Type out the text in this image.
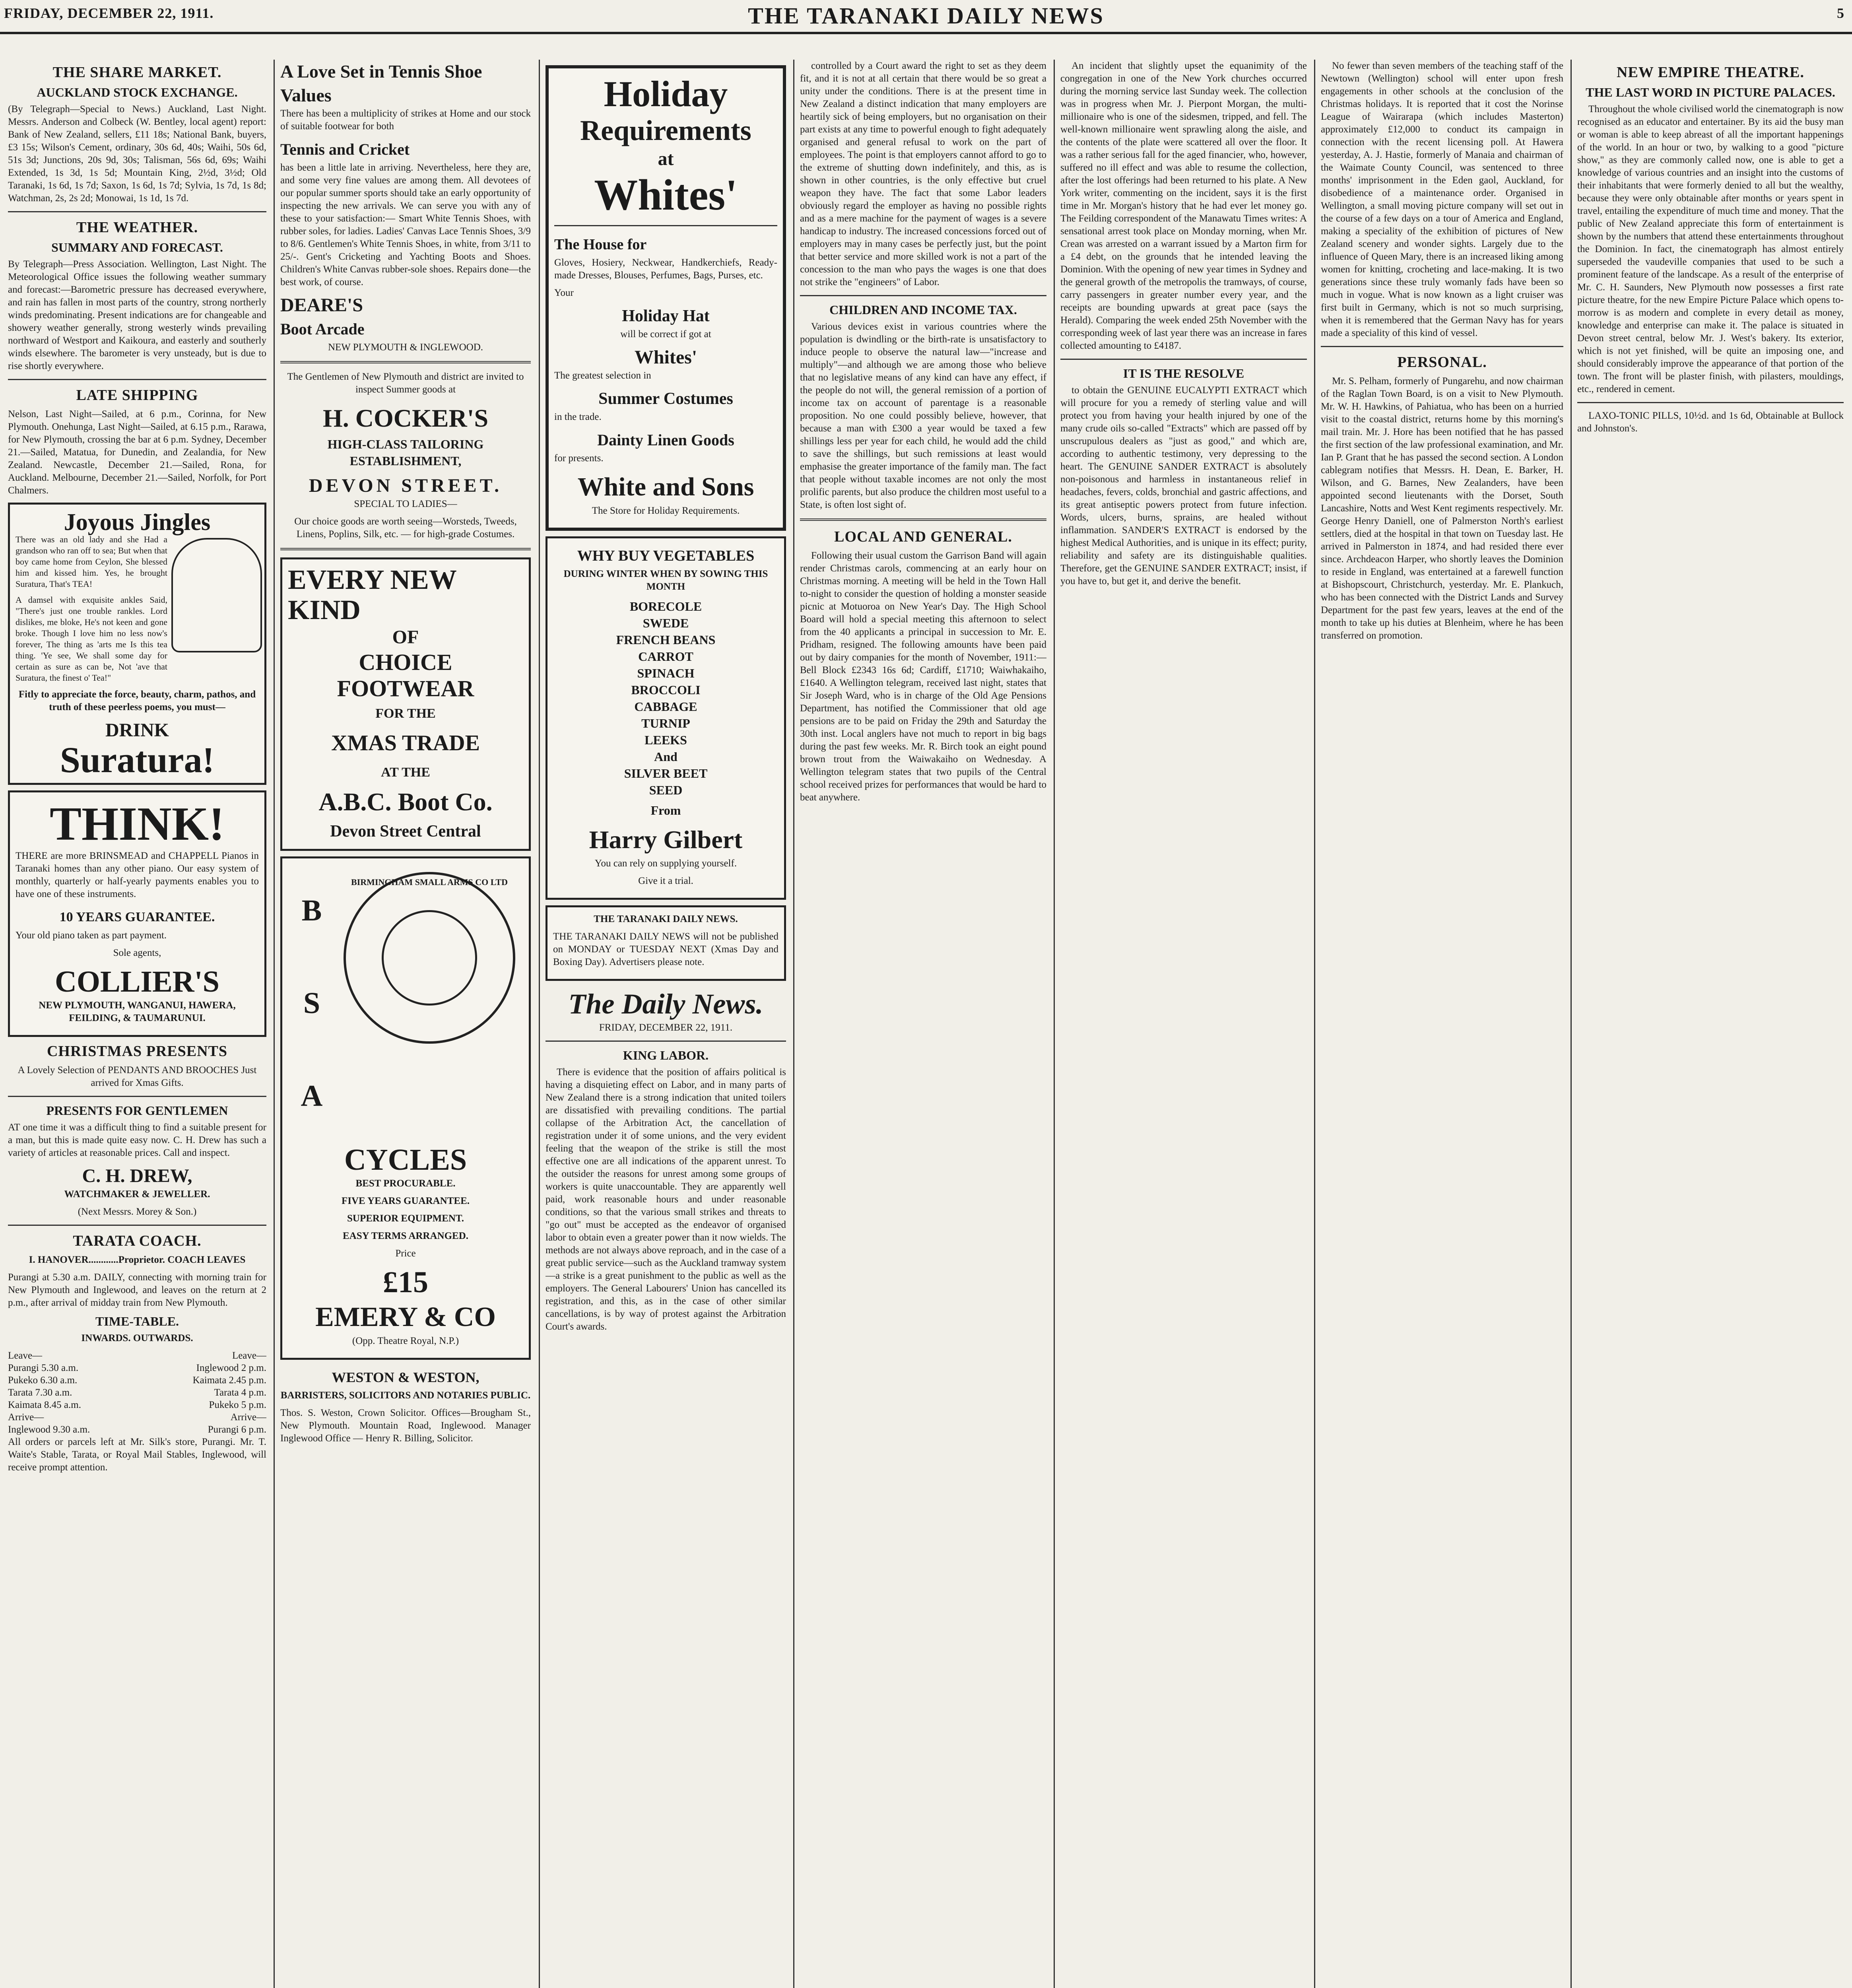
FRIDAY, DECEMBER 22, 1911.	THE TARANAKI DAILY NEWS	5
THE SHARE MARKET.
AUCKLAND STOCK EXCHANGE.

(By Telegraph—Special to News.) Auckland, Last Night. Messrs. Anderson and Colbeck (W. Bentley, local agent) report: Bank of New Zealand, sellers, £11 18s; National Bank, buyers, £3 15s; Wilson's Cement, ordinary, 30s 6d, 40s; Waihi, 50s 6d, 51s 3d; Junctions, 20s 9d, 30s; Talisman, 56s 6d, 69s; Waihi Extended, 1s 3d, 1s 5d; Mountain King, 2½d, 3½d; Old Taranaki, 1s 6d, 1s 7d; Saxon, 1s 6d, 1s 7d; Sylvia, 1s 7d, 1s 8d; Watchman, 2s, 2s 2d; Monowai, 1s 1d, 1s 7d.

THE WEATHER.
SUMMARY AND FORECAST.

By Telegraph—Press Association. Wellington, Last Night. The Meteorological Office issues the following weather summary and forecast:—Barometric pressure has decreased everywhere, and rain has fallen in most parts of the country, strong northerly winds predominating. Present indications are for changeable and showery weather generally, strong westerly winds prevailing northward of Westport and Kaikoura, and easterly and southerly winds elsewhere. The barometer is very unsteady, but is due to rise shortly everywhere.

LATE SHIPPING

Nelson, Last Night—Sailed, at 6 p.m., Corinna, for New Plymouth. Onehunga, Last Night—Sailed, at 6.15 p.m., Rarawa, for New Plymouth, crossing the bar at 6 p.m. Sydney, December 21.—Sailed, Matatua, for Dunedin, and Zealandia, for New Zealand. Newcastle, December 21.—Sailed, Rona, for Auckland. Melbourne, December 21.—Sailed, Norfolk, for Port Chalmers.

Joyous Jingles

There was an old lady and she Had a grandson who ran off to sea; But when that boy came home from Ceylon, She blessed him and kissed him. Yes, he brought Suratura, That's TEA!

A damsel with exquisite ankles Said, "There's just one trouble rankles. Lord dislikes, me bloke, He's not keen and gone broke. Though I love him no less now's forever, The thing as 'arts me Is this tea thing. 'Ye see, We shall some day for certain as sure as can be, Not 'ave that Suratura, the finest o' Tea!"

Fitly to appreciate the force, beauty, charm, pathos, and truth of these peerless poems, you must—

DRINK
Suratura!
THINK!

THERE are more BRINSMEAD and CHAPPELL Pianos in Taranaki homes than any other piano. Our easy system of monthly, quarterly or half-yearly payments enables you to have one of these instruments.

10 YEARS GUARANTEE.

Your old piano taken as part payment.

Sole agents,

COLLIER'S

NEW PLYMOUTH, WANGANUI, HAWERA, FEILDING, & TAUMARUNUI.

CHRISTMAS PRESENTS

A Lovely Selection of PENDANTS AND BROOCHES Just arrived for Xmas Gifts.

PRESENTS FOR GENTLEMEN

AT one time it was a difficult thing to find a suitable present for a man, but this is made quite easy now. C. H. Drew has such a variety of articles at reasonable prices. Call and inspect.

C. H. DREW,

WATCHMAKER & JEWELLER.

(Next Messrs. Morey & Son.)

TARATA COACH.

I. HANOVER............Proprietor. COACH LEAVES

Purangi at 5.30 a.m. DAILY, connecting with morning train for New Plymouth and Inglewood, and leaves on the return at 2 p.m., after arrival of midday train from New Plymouth.

TIME-TABLE.

INWARDS. OUTWARDS.

Leave—	Leave—
Purangi 5.30 a.m.	Inglewood 2 p.m.
Pukeko 6.30 a.m.	Kaimata 2.45 p.m.
Tarata 7.30 a.m.	Tarata 4 p.m.
Kaimata 8.45 a.m.	Pukeko 5 p.m.
Arrive—	Arrive—
Inglewood 9.30 a.m.	Purangi 6 p.m.

All orders or parcels left at Mr. Silk's store, Purangi. Mr. T. Waite's Stable, Tarata, or Royal Mail Stables, Inglewood, will receive prompt attention.

A Love Set in Tennis Shoe Values

There has been a multiplicity of strikes at Home and our stock of suitable footwear for both

Tennis and Cricket

has been a little late in arriving. Nevertheless, here they are, and some very fine values are among them. All devotees of our popular summer sports should take an early opportunity of inspecting the new arrivals. We can serve you with any of these to your satisfaction:— Smart White Tennis Shoes, with rubber soles, for ladies. Ladies' Canvas Lace Tennis Shoes, 3/9 to 8/6. Gentlemen's White Tennis Shoes, in white, from 3/11 to 25/-. Gent's Cricketing and Yachting Boots and Shoes. Children's White Canvas rubber-sole shoes. Repairs done—the best work, of course.

DEARE'S
Boot Arcade

NEW PLYMOUTH & INGLEWOOD.

The Gentlemen of New Plymouth and district are invited to inspect Summer goods at

H. COCKER'S

HIGH-CLASS TAILORING ESTABLISHMENT,

DEVON STREET.

SPECIAL TO LADIES—

Our choice goods are worth seeing—Worsteds, Tweeds, Linens, Poplins, Silk, etc. — for high-grade Costumes.

EVERY NEW KIND
OF
CHOICE FOOTWEAR
FOR THE
XMAS TRADE
AT THE
A.B.C. Boot Co.
Devon Street Central
B
S
A

BIRMINGHAM SMALL ARMS CO LTD

CYCLES

BEST PROCURABLE.

FIVE YEARS GUARANTEE.

SUPERIOR EQUIPMENT.

EASY TERMS ARRANGED.

Price

£15
EMERY & CO

(Opp. Theatre Royal, N.P.)

WESTON & WESTON,

BARRISTERS, SOLICITORS AND NOTARIES PUBLIC.

Thos. S. Weston, Crown Solicitor. Offices—Brougham St., New Plymouth. Mountain Road, Inglewood. Manager Inglewood Office — Henry R. Billing, Solicitor.

Holiday
Requirements
at
Whites'
The House for

Gloves, Hosiery, Neckwear, Handkerchiefs, Ready-made Dresses, Blouses, Perfumes, Bags, Purses, etc.

Your

Holiday Hat

will be correct if got at

Whites'

The greatest selection in

Summer Costumes

in the trade.

Dainty Linen Goods

for presents.

White and Sons

The Store for Holiday Requirements.

WHY BUY VEGETABLES

DURING WINTER WHEN BY SOWING THIS MONTH

BORECOLE
SWEDE
FRENCH BEANS
CARROT
SPINACH
BROCCOLI
CABBAGE
TURNIP
LEEKS
And
SILVER BEET
SEED
From
Harry Gilbert

You can rely on supplying yourself.

Give it a trial.

THE TARANAKI DAILY NEWS.

THE TARANAKI DAILY NEWS will not be published on MONDAY or TUESDAY NEXT (Xmas Day and Boxing Day). Advertisers please note.

The Daily News.

FRIDAY, DECEMBER 22, 1911.

KING LABOR.

There is evidence that the position of affairs political is having a disquieting effect on Labor, and in many parts of New Zealand there is a strong indication that united toilers are dissatisfied with prevailing conditions. The partial collapse of the Arbitration Act, the cancellation of registration under it of some unions, and the very evident feeling that the weapon of the strike is still the most effective one are all indications of the apparent unrest. To the outsider the reasons for unrest among some groups of workers is quite unaccountable. They are apparently well paid, work reasonable hours and under reasonable conditions, so that the various small strikes and threats to "go out" must be accepted as the endeavor of organised labor to obtain even a greater power than it now wields. The methods are not always above reproach, and in the case of a great public service—such as the Auckland tramway system—a strike is a great punishment to the public as well as the employers. The General Labourers' Union has cancelled its registration, and this, as in the case of other similar cancellations, is by way of protest against the Arbitration Court's awards.

controlled by a Court award the right to set as they deem fit, and it is not at all certain that there would be so great a unity under the conditions. There is at the present time in New Zealand a distinct indication that many employers are heartily sick of being employers, but no organisation on their part exists at any time to powerful enough to fight adequately organised and general refusal to work on the part of employees. The point is that employers cannot afford to go to the extreme of shutting down indefinitely, and this, as is shown in other countries, is the only effective but cruel weapon they have. The fact that some Labor leaders obviously regard the employer as having no possible rights and as a mere machine for the payment of wages is a severe handicap to industry. The increased concessions forced out of employers may in many cases be perfectly just, but the point that better service and more skilled work is not a part of the concession to the man who pays the wages is one that does not strike the "engineers" of Labor.

CHILDREN AND INCOME TAX.

Various devices exist in various countries where the population is dwindling or the birth-rate is unsatisfactory to induce people to observe the natural law—"increase and multiply"—and although we are among those who believe that no legislative means of any kind can have any effect, if the people do not will, the general remission of a portion of income tax on account of parentage is a reasonable proposition. No one could possibly believe, however, that because a man with £300 a year would be taxed a few shillings less per year for each child, he would add the child to save the shillings, but such remissions at least would emphasise the greater importance of the family man. The fact that people without taxable incomes are not only the most prolific parents, but also produce the children most useful to a State, is often lost sight of.

LOCAL AND GENERAL.

Following their usual custom the Garrison Band will again render Christmas carols, commencing at an early hour on Christmas morning. A meeting will be held in the Town Hall to-night to consider the question of holding a monster seaside picnic at Motuoroa on New Year's Day. The High School Board will hold a special meeting this afternoon to select from the 40 applicants a principal in succession to Mr. E. Pridham, resigned. The following amounts have been paid out by dairy companies for the month of November, 1911:—Bell Block £2343 16s 6d; Cardiff, £1710; Waiwhakaiho, £1640. A Wellington telegram, received last night, states that Sir Joseph Ward, who is in charge of the Old Age Pensions Department, has notified the Commissioner that old age pensions are to be paid on Friday the 29th and Saturday the 30th inst. Local anglers have not much to report in big bags during the past few weeks. Mr. R. Birch took an eight pound brown trout from the Waiwakaiho on Wednesday. A Wellington telegram states that two pupils of the Central school received prizes for performances that would be hard to beat anywhere.

An incident that slightly upset the equanimity of the congregation in one of the New York churches occurred during the morning service last Sunday week. The collection was in progress when Mr. J. Pierpont Morgan, the multi-millionaire who is one of the sidesmen, tripped, and fell. The well-known millionaire went sprawling along the aisle, and the contents of the plate were scattered all over the floor. It was a rather serious fall for the aged financier, who, however, suffered no ill effect and was able to resume the collection, after the lost offerings had been returned to his plate. A New York writer, commenting on the incident, says it is the first time in Mr. Morgan's history that he had ever let money go. The Feilding correspondent of the Manawatu Times writes: A sensational arrest took place on Monday morning, when Mr. Crean was arrested on a warrant issued by a Marton firm for a £4 debt, on the grounds that he intended leaving the Dominion. With the opening of new year times in Sydney and the general growth of the metropolis the tramways, of course, carry passengers in greater number every year, and the receipts are bounding upwards at great pace (says the Herald). Comparing the week ended 25th November with the corresponding week of last year there was an increase in fares collected amounting to £4187.

IT IS THE RESOLVE

to obtain the GENUINE EUCALYPTI EXTRACT which will procure for you a remedy of sterling value and will protect you from having your health injured by one of the many crude oils so-called "Extracts" which are passed off by unscrupulous dealers as "just as good," and which are, according to authentic testimony, very depressing to the heart. The GENUINE SANDER EXTRACT is absolutely non-poisonous and harmless in instantaneous relief in headaches, fevers, colds, bronchial and gastric affections, and its great antiseptic powers protect from future infection. Words, ulcers, burns, sprains, are healed without inflammation. SANDER'S EXTRACT is endorsed by the highest Medical Authorities, and is unique in its effect; purity, reliability and safety are its distinguishable qualities. Therefore, get the GENUINE SANDER EXTRACT; insist, if you have to, but get it, and derive the benefit.

No fewer than seven members of the teaching staff of the Newtown (Wellington) school will enter upon fresh engagements in other schools at the conclusion of the Christmas holidays. It is reported that it cost the Norinse League of Wairarapa (which includes Masterton) approximately £12,000 to conduct its campaign in connection with the recent licensing poll. At Hawera yesterday, A. J. Hastie, formerly of Manaia and chairman of the Waimate County Council, was sentenced to three months' imprisonment in the Eden gaol, Auckland, for disobedience of a maintenance order. Organised in Wellington, a small moving picture company will set out in the course of a few days on a tour of America and England, making a speciality of the exhibition of pictures of New Zealand scenery and wonder sights. Largely due to the influence of Queen Mary, there is an increased liking among women for knitting, crocheting and lace-making. It is two generations since these truly womanly fads have been so much in vogue. What is now known as a light cruiser was first built in Germany, which is not so much surprising, when it is remembered that the German Navy has for years made a speciality of this kind of vessel.

PERSONAL.

Mr. S. Pelham, formerly of Pungarehu, and now chairman of the Raglan Town Board, is on a visit to New Plymouth. Mr. W. H. Hawkins, of Pahiatua, who has been on a hurried visit to the coastal district, returns home by this morning's mail train. Mr. J. Hore has been notified that he has passed the first section of the law professional examination, and Mr. Ian P. Grant that he has passed the second section. A London cablegram notifies that Messrs. H. Dean, E. Barker, H. Wilson, and G. Barnes, New Zealanders, have been appointed second lieutenants with the Dorset, South Lancashire, Notts and West Kent regiments respectively. Mr. George Henry Daniell, one of Palmerston North's earliest settlers, died at the hospital in that town on Tuesday last. He arrived in Palmerston in 1874, and had resided there ever since. Archdeacon Harper, who shortly leaves the Dominion to reside in England, was entertained at a farewell function at Bishopscourt, Christchurch, yesterday. Mr. E. Plankuch, who has been connected with the District Lands and Survey Department for the past few years, leaves at the end of the month to take up his duties at Blenheim, where he has been transferred on promotion.

NEW EMPIRE THEATRE.
THE LAST WORD IN PICTURE PALACES.

Throughout the whole civilised world the cinematograph is now recognised as an educator and entertainer. By its aid the busy man or woman is able to keep abreast of all the important happenings of the world. In an hour or two, by walking to a good "picture show," as they are commonly called now, one is able to get a knowledge of various countries and an insight into the customs of their inhabitants that were formerly denied to all but the wealthy, because they were only obtainable after months or years spent in travel, entailing the expenditure of much time and money. That the public of New Zealand appreciate this form of entertainment is shown by the numbers that attend these entertainments throughout the Dominion. In fact, the cinematograph has almost entirely superseded the vaudeville companies that used to be such a prominent feature of the landscape. As a result of the enterprise of Mr. C. H. Saunders, New Plymouth now possesses a first rate picture theatre, for the new Empire Picture Palace which opens to-morrow is as modern and complete in every detail as money, knowledge and enterprise can make it. The palace is situated in Devon street central, below Mr. J. West's bakery. Its exterior, which is not yet finished, will be quite an imposing one, and should considerably improve the appearance of that portion of the town. The front will be plaster finish, with pilasters, mouldings, etc., rendered in cement.

LAXO-TONIC PILLS, 10½d. and 1s 6d, Obtainable at Bullock and Johnston's.
